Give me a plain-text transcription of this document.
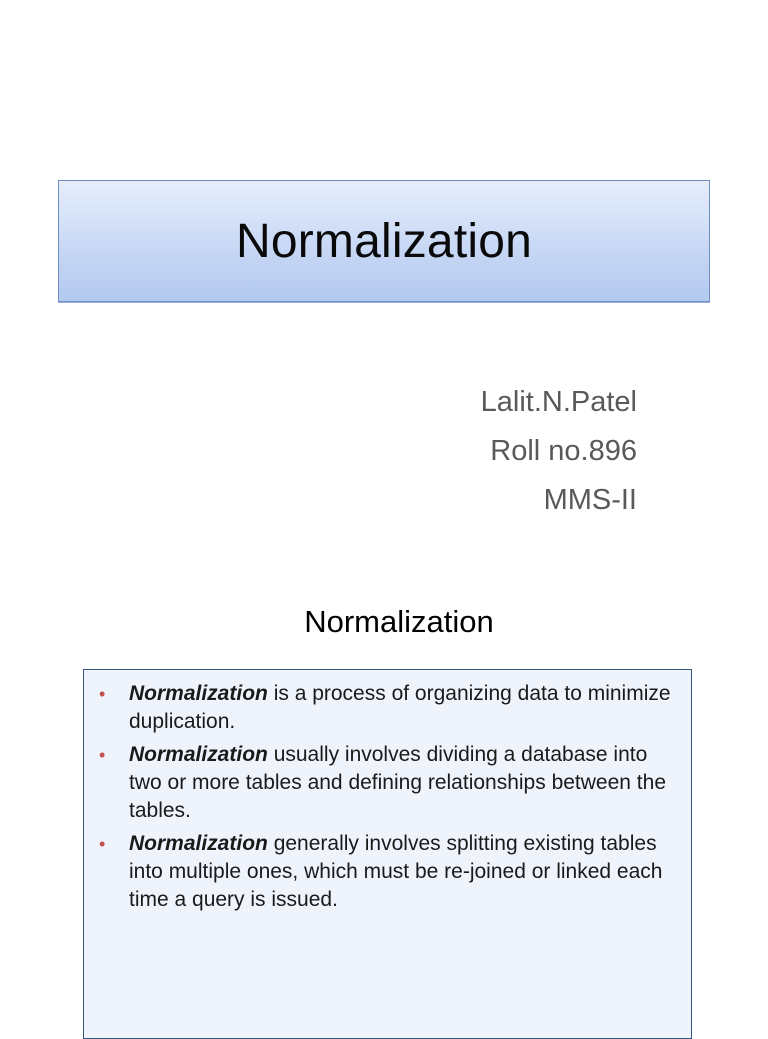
Normalization
Lalit.N.Patel
Roll no.896
MMS-II
Normalization
• Normalization is a process of organizing data to minimize duplication.
• Normalization usually involves dividing a database into two or more tables and defining relationships between the tables.
• Normalization generally involves splitting existing tables into multiple ones, which must be re-joined or linked each time a query is issued.
